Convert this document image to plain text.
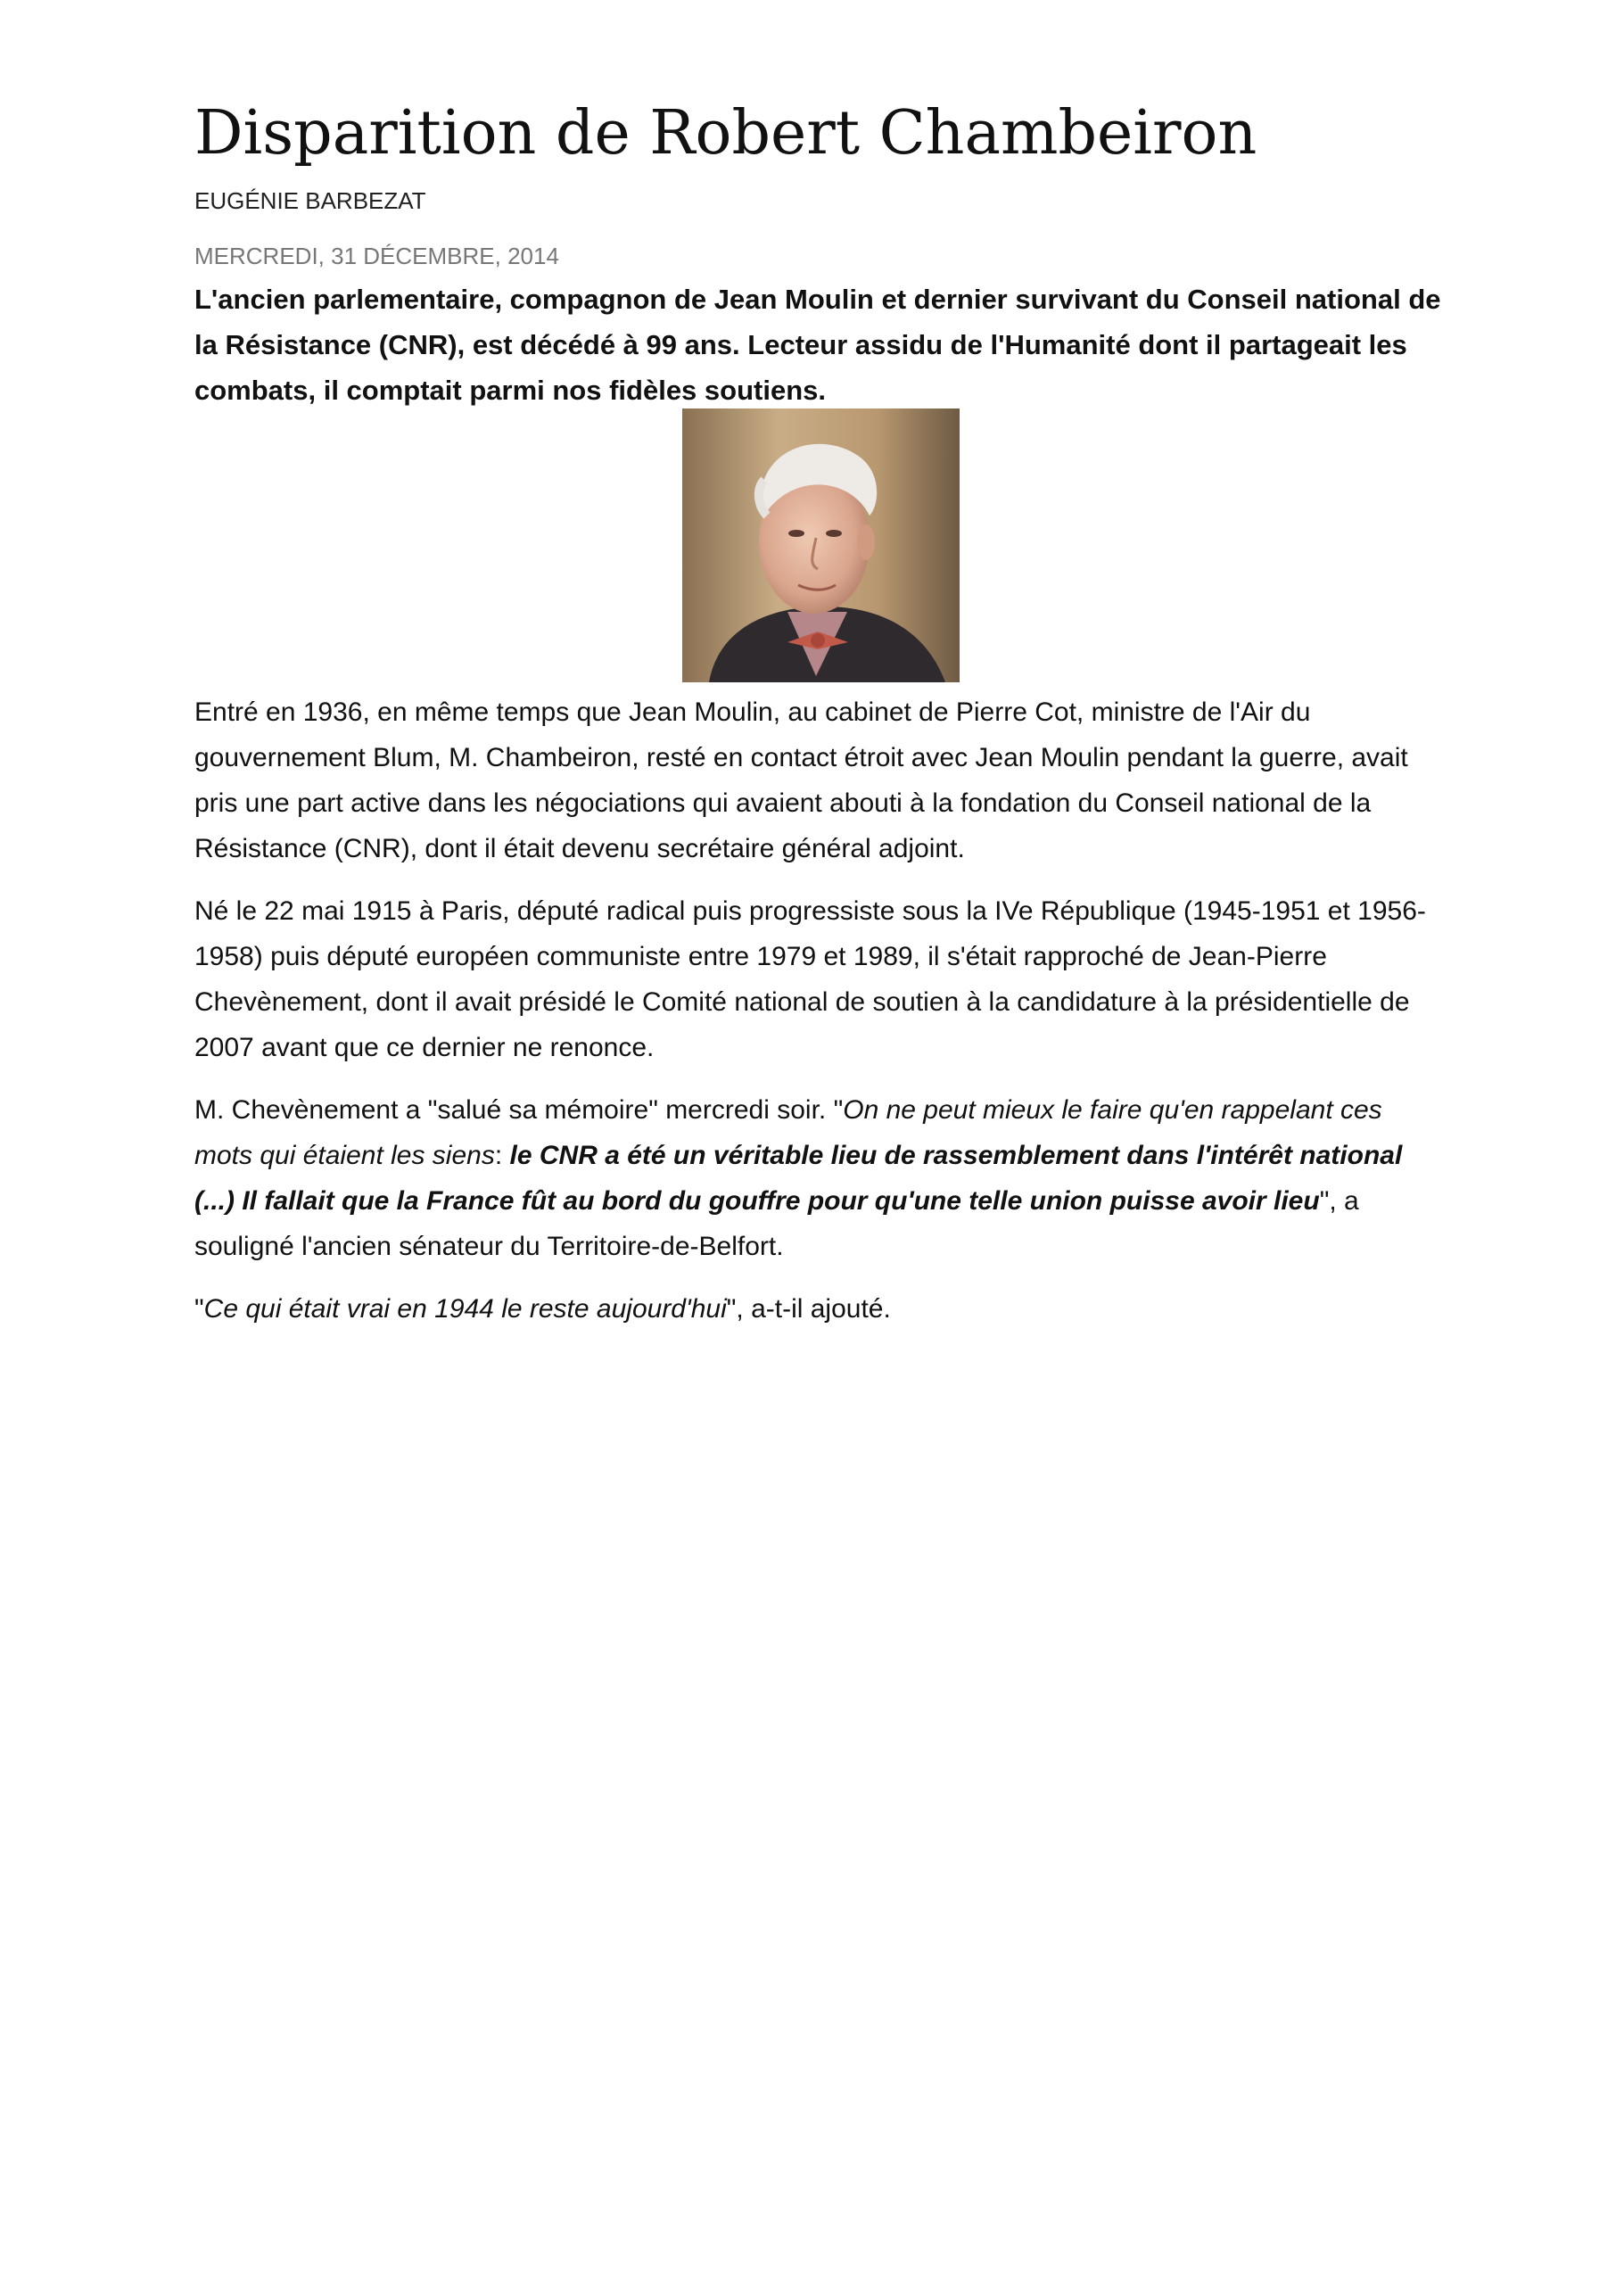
Disparition de Robert Chambeiron
EUGÉNIE BARBEZAT
MERCREDI, 31 DÉCEMBRE, 2014

L'ancien parlementaire, compagnon de Jean Moulin et dernier survivant du Conseil national de la Résistance (CNR), est décédé à 99 ans. Lecteur assidu de l'Humanité dont il partageait les combats, il comptait parmi nos fidèles soutiens.

Entré en 1936, en même temps que Jean Moulin, au cabinet de Pierre Cot, ministre de l'Air du gouvernement Blum, M. Chambeiron, resté en contact étroit avec Jean Moulin pendant la guerre, avait pris une part active dans les négociations qui avaient abouti à la fondation du Conseil national de la Résistance (CNR), dont il était devenu secrétaire général adjoint.

Né le 22 mai 1915 à Paris, député radical puis progressiste sous la IVe République (1945-1951 et 1956-1958) puis député européen communiste entre 1979 et 1989, il s'était rapproché de Jean-Pierre Chevènement, dont il avait présidé le Comité national de soutien à la candidature à la présidentielle de 2007 avant que ce dernier ne renonce.

M. Chevènement a "salué sa mémoire" mercredi soir. "On ne peut mieux le faire qu'en rappelant ces mots qui étaient les siens: le CNR a été un véritable lieu de rassemblement dans l'intérêt national (...) Il fallait que la France fût au bord du gouffre pour qu'une telle union puisse avoir lieu", a souligné l'ancien sénateur du Territoire-de-Belfort.

"Ce qui était vrai en 1944 le reste aujourd'hui", a-t-il ajouté.
